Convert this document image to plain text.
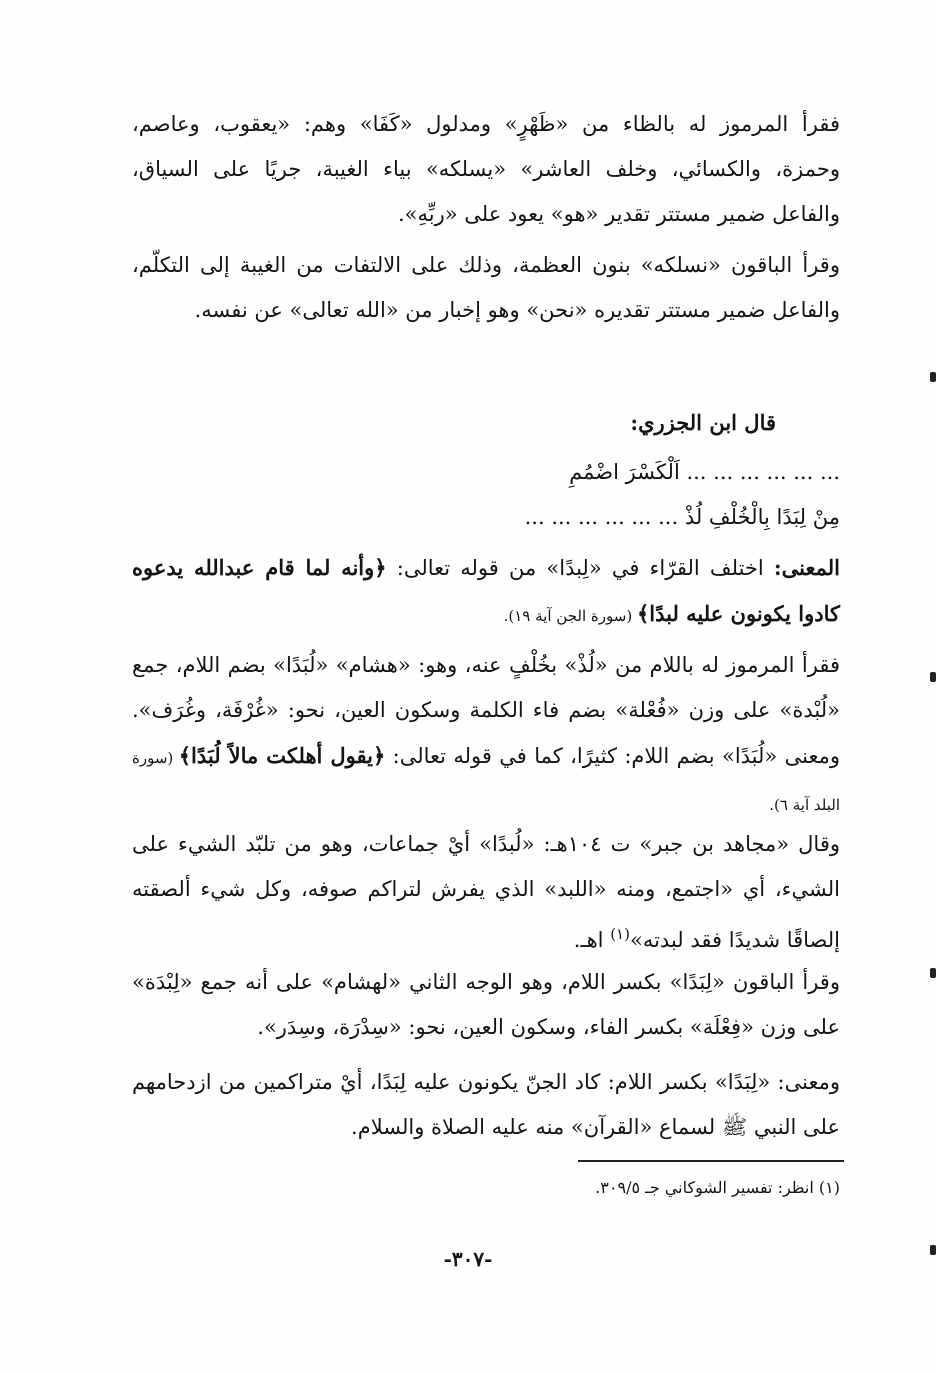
فقرأ المرموز له بالظاء من «ظَهْرٍ» ومدلول «كَفَا» وهم: «يعقوب، وعاصم، وحمزة، والكسائي، وخلف العاشر» «يسلكه» بياء الغيبة، جريًا على السياق، والفاعل ضمير مستتر تقدير «هو» يعود على «ربِّهِ».

وقرأ الباقون «نسلكه» بنون العظمة، وذلك على الالتفات من الغيبة إلى التكلّم، والفاعل ضمير مستتر تقديره «نحن» وهو إخبار من «الله تعالى» عن نفسه.

قال ابن الجزري:
... ... ... ... ... ... اَلْكَسْرَ اضْمُمِ
مِنْ لِبَدًا بِالْخُلْفِ لُذْ ... ... ... ... ... ...

المعنى: اختلف القرّاء في «لِبدًا» من قوله تعالى: ﴿وأنه لما قام عبدالله يدعوه كادوا يكونون عليه لبدًا﴾ (سورة الجن آية ١٩).

فقرأ المرموز له باللام من «لُذْ» بخُلْفٍ عنه، وهو: «هشام» «لُبَدًا» بضم اللام، جمع «لُبْدة» على وزن «فُعْلة» بضم فاء الكلمة وسكون العين، نحو: «غُرْفَة، وغُرَف». ومعنى «لُبَدًا» بضم اللام: كثيرًا، كما في قوله تعالى: ﴿يقول أهلكت مالاً لُبَدًا﴾ (سورة البلد آية ٦).

وقال «مجاهد بن جبر» ت ١٠٤هـ: «لُبدًا» أيْ جماعات، وهو من تلبّد الشيء على الشيء، أي «اجتمع، ومنه «اللبد» الذي يفرش لتراكم صوفه، وكل شيء ألصقته إلصاقًا شديدًا فقد لبدته»$^{(١)}$ اهـ.

وقرأ الباقون «لِبَدًا» بكسر اللام، وهو الوجه الثاني «لهشام» على أنه جمع «لِبْدَة» على وزن «فِعْلَة» بكسر الفاء، وسكون العين، نحو: «سِدْرَة، وسِدَر».

ومعنى: «لِبَدًا» بكسر اللام: كاد الجنّ يكونون عليه لِبَدًا، أيْ متراكمين من ازدحامهم على النبي ﷺ لسماع «القرآن» منه عليه الصلاة والسلام.

(١) انظر: تفسير الشوكاني جـ ٣٠٩/٥.
-٣٠٧-
